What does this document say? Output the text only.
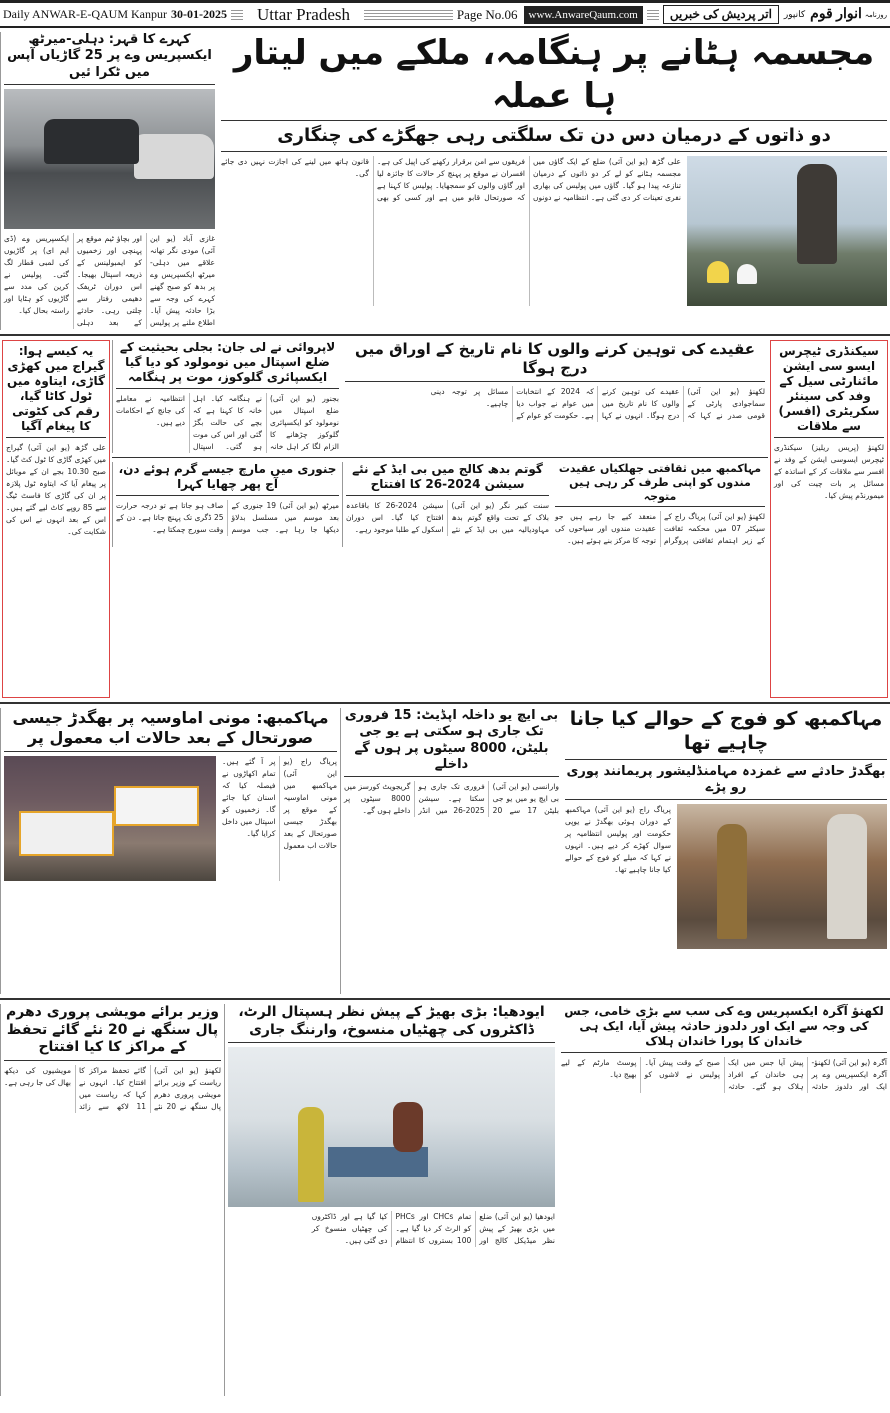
Daily ANWAR-E-QAUM Kanpur 30-01-2025 Uttar Pradesh	Page No.06	www.AnwareQaum.com	اتر پردیش کی خبریں	کانپور انوار قوم روزنامہ
کہرے کا قہر: دہلی-میرٹھ ایکسپریس وے پر 25 گاڑیاں آپس میں ٹکرا ئیں
غازی آباد (یو این آئی) مودی نگر تھانہ علاقے میں دہلی-میرٹھ ایکسپریس وے پر بدھ کو صبح گھنے کہرے کی وجہ سے بڑا حادثہ پیش آیا۔ اطلاع ملنے پر پولیس اور بچاؤ ٹیم موقع پر پہنچی اور زخمیوں کو ایمبولینس کے ذریعہ اسپتال بھیجا۔ اس دوران ٹریفک دھیمی رفتار سے چلتی رہی۔ حادثے کے بعد دہلی ایکسپریس وے (ڈی ایم ای) پر گاڑیوں کی لمبی قطار لگ گئی۔ پولیس نے کرین کی مدد سے گاڑیوں کو ہٹایا اور راستہ بحال کیا۔
مجسمہ ہٹانے پر ہنگامہ، ملکے میں لیتار ہا عملہ
دو ذاتوں کے درمیان دس دن تک سلگتی رہی جھگڑے کی چنگاری
علی گڑھ (یو این آئی) ضلع کے ایک گاؤں میں مجسمہ ہٹانے کو لے کر دو ذاتوں کے درمیان تنازعہ پیدا ہو گیا۔ گاؤں میں پولیس کی بھاری نفری تعینات کر دی گئی ہے۔ انتظامیہ نے دونوں فریقوں سے امن برقرار رکھنے کی اپیل کی ہے۔ افسران نے موقع پر پہنچ کر حالات کا جائزہ لیا اور گاؤں والوں کو سمجھایا۔ پولیس کا کہنا ہے کہ صورتحال قابو میں ہے اور کسی کو بھی قانون ہاتھ میں لینے کی اجازت نہیں دی جائے گی۔
یہ کیسے ہوا: گیراج میں کھڑی گاڑی، ایتاوہ میں ٹول کاٹا گیا، رقم کی کٹوتی کا پیغام آگیا
علی گڑھ (یو این آئی) گیراج میں کھڑی گاڑی کا ٹول کٹ گیا۔ صبح 10.30 بجے ان کے موبائل پر پیغام آیا کہ ایتاوہ ٹول پلازہ پر ان کی گاڑی کا فاسٹ ٹیگ سے 85 روپے کاٹ لیے گئے ہیں۔ اس کے بعد انہوں نے اس کی شکایت کی۔
لاپروائی نے لی جان: بجلی بحیثیت کے ضلع اسپتال میں نومولود کو دیا گیا ایکسپائری گلوکوز، موت پر ہنگامہ
بجنور (یو این آئی) ضلع اسپتال میں نومولود کو ایکسپائری گلوکوز چڑھانے کا الزام لگا کر اہل خانہ نے ہنگامہ کیا۔ اہل خانہ کا کہنا ہے کہ بچے کی حالت بگڑ گئی اور اس کی موت ہو گئی۔ اسپتال انتظامیہ نے معاملے کی جانچ کے احکامات دیے ہیں۔
عقیدے کی توہین کرنے والوں کا نام تاریخ کے اوراق میں درج ہوگا
لکھنؤ (یو این آئی) سماجوادی پارٹی کے قومی صدر نے کہا کہ عقیدے کی توہین کرنے والوں کا نام تاریخ میں درج ہوگا۔ انہوں نے کہا کہ 2024 کے انتخابات میں عوام نے جواب دیا ہے۔ حکومت کو عوام کے مسائل پر توجہ دینی چاہیے۔
جنوری میں مارچ جیسے گرم ہوئے دن، آج پھر چھایا کہرا
میرٹھ (یو این آئی) 19 جنوری کے بعد موسم میں مسلسل بدلاؤ دیکھا جا رہا ہے۔ جب موسم صاف ہو جاتا ہے تو درجہ حرارت 25 ڈگری تک پہنچ جاتا ہے۔ دن کے وقت سورج چمکتا ہے۔
گوتم بدھ کالج میں بی ایڈ کے نئے سیشن 2024-26 کا افتتاح
سنت کبیر نگر (یو این آئی) بلاک کے تحت واقع گوتم بدھ مہاودیالیہ میں بی ایڈ کے نئے سیشن 2024-26 کا باقاعدہ افتتاح کیا گیا۔ اس دوران اسکول کے طلبا موجود رہے۔
مہاکمبھ میں ثقافتی جھلکیاں عقیدت مندوں کو اپنی طرف کر رہی ہیں متوجہ
لکھنؤ (یو این آئی) پریاگ راج کے سیکٹر 07 میں محکمہ ثقافت کے زیر اہتمام ثقافتی پروگرام منعقد کیے جا رہے ہیں جو عقیدت مندوں اور سیاحوں کی توجہ کا مرکز بنے ہوئے ہیں۔
سیکنڈری ٹیچرس ایسو سی ایشن مائنارٹی سیل کے وفد کی سینئر سکریٹری (افسر) سے ملاقات
لکھنؤ (پریس ریلیز) سیکنڈری ٹیچرس ایسوسی ایشن کے وفد نے افسر سے ملاقات کر کے اساتذہ کے مسائل پر بات چیت کی اور میمورنڈم پیش کیا۔
مہاکمبھ: مونی اماوسیہ پر بھگدڑ جیسی صورتحال کے بعد حالات اب معمول پر
پریاگ راج (یو این آئی) مہاکمبھ میں مونی اماوسیہ کے موقع پر بھگدڑ جیسی صورتحال کے بعد حالات اب معمول پر آ گئے ہیں۔ تمام اکھاڑوں نے فیصلہ کیا کہ اسنان کیا جائے گا۔ زخمیوں کو اسپتال میں داخل کرایا گیا۔
بی ایچ یو داخلہ اپڈیٹ: 15 فروری تک جاری ہو سکتی ہے یو جی بلیٹن، 8000 سیٹوں پر ہوں گے داخلے
وارانسی (یو این آئی) بی ایچ یو میں یو جی بلیٹن 17 سے 20 فروری تک جاری ہو سکتا ہے۔ سیشن 2025-26 میں انڈر گریجویٹ کورسز میں 8000 سیٹوں پر داخلے ہوں گے۔
مہاکمبھ کو فوج کے حوالے کیا جانا چاہیے تھا
بھگدڑ حادثے سے غمزدہ مہامنڈلیشور پریمانند پوری رو پڑے
پریاگ راج (یو این آئی) مہاکمبھ کے دوران ہوئی بھگدڑ نے یوپی حکومت اور پولیس انتظامیہ پر سوال کھڑے کر دیے ہیں۔ انہوں نے کہا کہ میلے کو فوج کے حوالے کیا جانا چاہیے تھا۔
وزیر برائے مویشی پروری دھرم پال سنگھ نے 20 نئے گائے تحفظ کے مراکز کا کیا افتتاح
لکھنؤ (یو این آئی) ریاست کے وزیر برائے مویشی پروری دھرم پال سنگھ نے 20 نئے گائے تحفظ مراکز کا افتتاح کیا۔ انہوں نے کہا کہ ریاست میں 11 لاکھ سے زائد مویشیوں کی دیکھ بھال کی جا رہی ہے۔
ایودھیا: بڑی بھیڑ کے پیش نظر ہسپتال الرٹ، ڈاکٹروں کی چھٹیاں منسوخ، وارننگ جاری
ایودھیا (یو این آئی) ضلع میں بڑی بھیڑ کے پیش نظر میڈیکل کالج اور تمام CHCs اور PHCs کو الرٹ کر دیا گیا ہے۔ 100 بستروں کا انتظام کیا گیا ہے اور ڈاکٹروں کی چھٹیاں منسوخ کر دی گئی ہیں۔
لکھنؤ آگرہ ایکسپریس وے کی سب سے بڑی خامی، جس کی وجہ سے ایک اور دلدوز حادثہ پیش آیا، ایک ہی خاندان کا پورا خاندان ہلاک
آگرہ (یو این آئی) لکھنؤ-آگرہ ایکسپریس وے پر ایک اور دلدوز حادثہ پیش آیا جس میں ایک ہی خاندان کے افراد ہلاک ہو گئے۔ حادثہ صبح کے وقت پیش آیا۔ پولیس نے لاشوں کو پوسٹ مارٹم کے لیے بھیج دیا۔
